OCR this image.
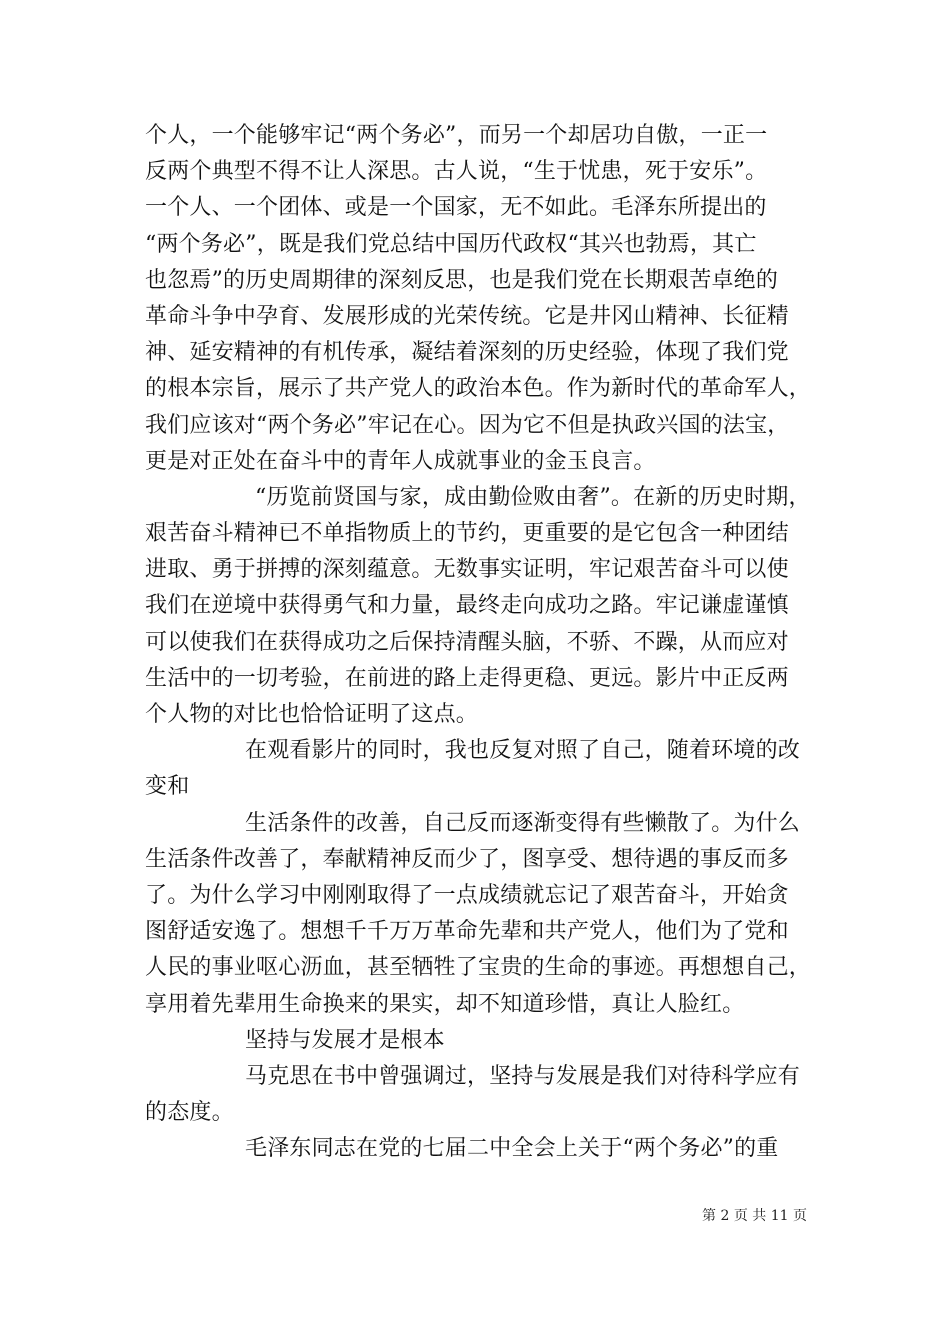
个人，一个能够牢记“两个务必”，而另一个却居功自傲，一正一
反两个典型不得不让人深思。古人说，“生于忧患，死于安乐”。
一个人、一个团体、或是一个国家，无不如此。毛泽东所提出的
“两个务必”，既是我们党总结中国历代政权“其兴也勃焉，其亡
也忽焉”的历史周期律的深刻反思，也是我们党在长期艰苦卓绝的
革命斗争中孕育、发展形成的光荣传统。它是井冈山精神、长征精
神、延安精神的有机传承，凝结着深刻的历史经验，体现了我们党
的根本宗旨，展示了共产党人的政治本色。作为新时代的革命军人，
我们应该对“两个务必”牢记在心。因为它不但是执政兴国的法宝，
更是对正处在奋斗中的青年人成就事业的金玉良言。
“历览前贤国与家，成由勤俭败由奢”。在新的历史时期，
艰苦奋斗精神已不单指物质上的节约，更重要的是它包含一种团结
进取、勇于拼搏的深刻蕴意。无数事实证明，牢记艰苦奋斗可以使
我们在逆境中获得勇气和力量，最终走向成功之路。牢记谦虚谨慎
可以使我们在获得成功之后保持清醒头脑，不骄、不躁，从而应对
生活中的一切考验，在前进的路上走得更稳、更远。影片中正反两
个人物的对比也恰恰证明了这点。
在观看影片的同时，我也反复对照了自己，随着环境的改
变和
生活条件的改善，自己反而逐渐变得有些懒散了。为什么
生活条件改善了，奉献精神反而少了，图享受、想待遇的事反而多
了。为什么学习中刚刚取得了一点成绩就忘记了艰苦奋斗，开始贪
图舒适安逸了。想想千千万万革命先辈和共产党人，他们为了党和
人民的事业呕心沥血，甚至牺牲了宝贵的生命的事迹。再想想自己，
享用着先辈用生命换来的果实，却不知道珍惜，真让人脸红。
坚持与发展才是根本
马克思在书中曾强调过，坚持与发展是我们对待科学应有
的态度。
毛泽东同志在党的七届二中全会上关于“两个务必”的重
第 2 页 共 11 页
